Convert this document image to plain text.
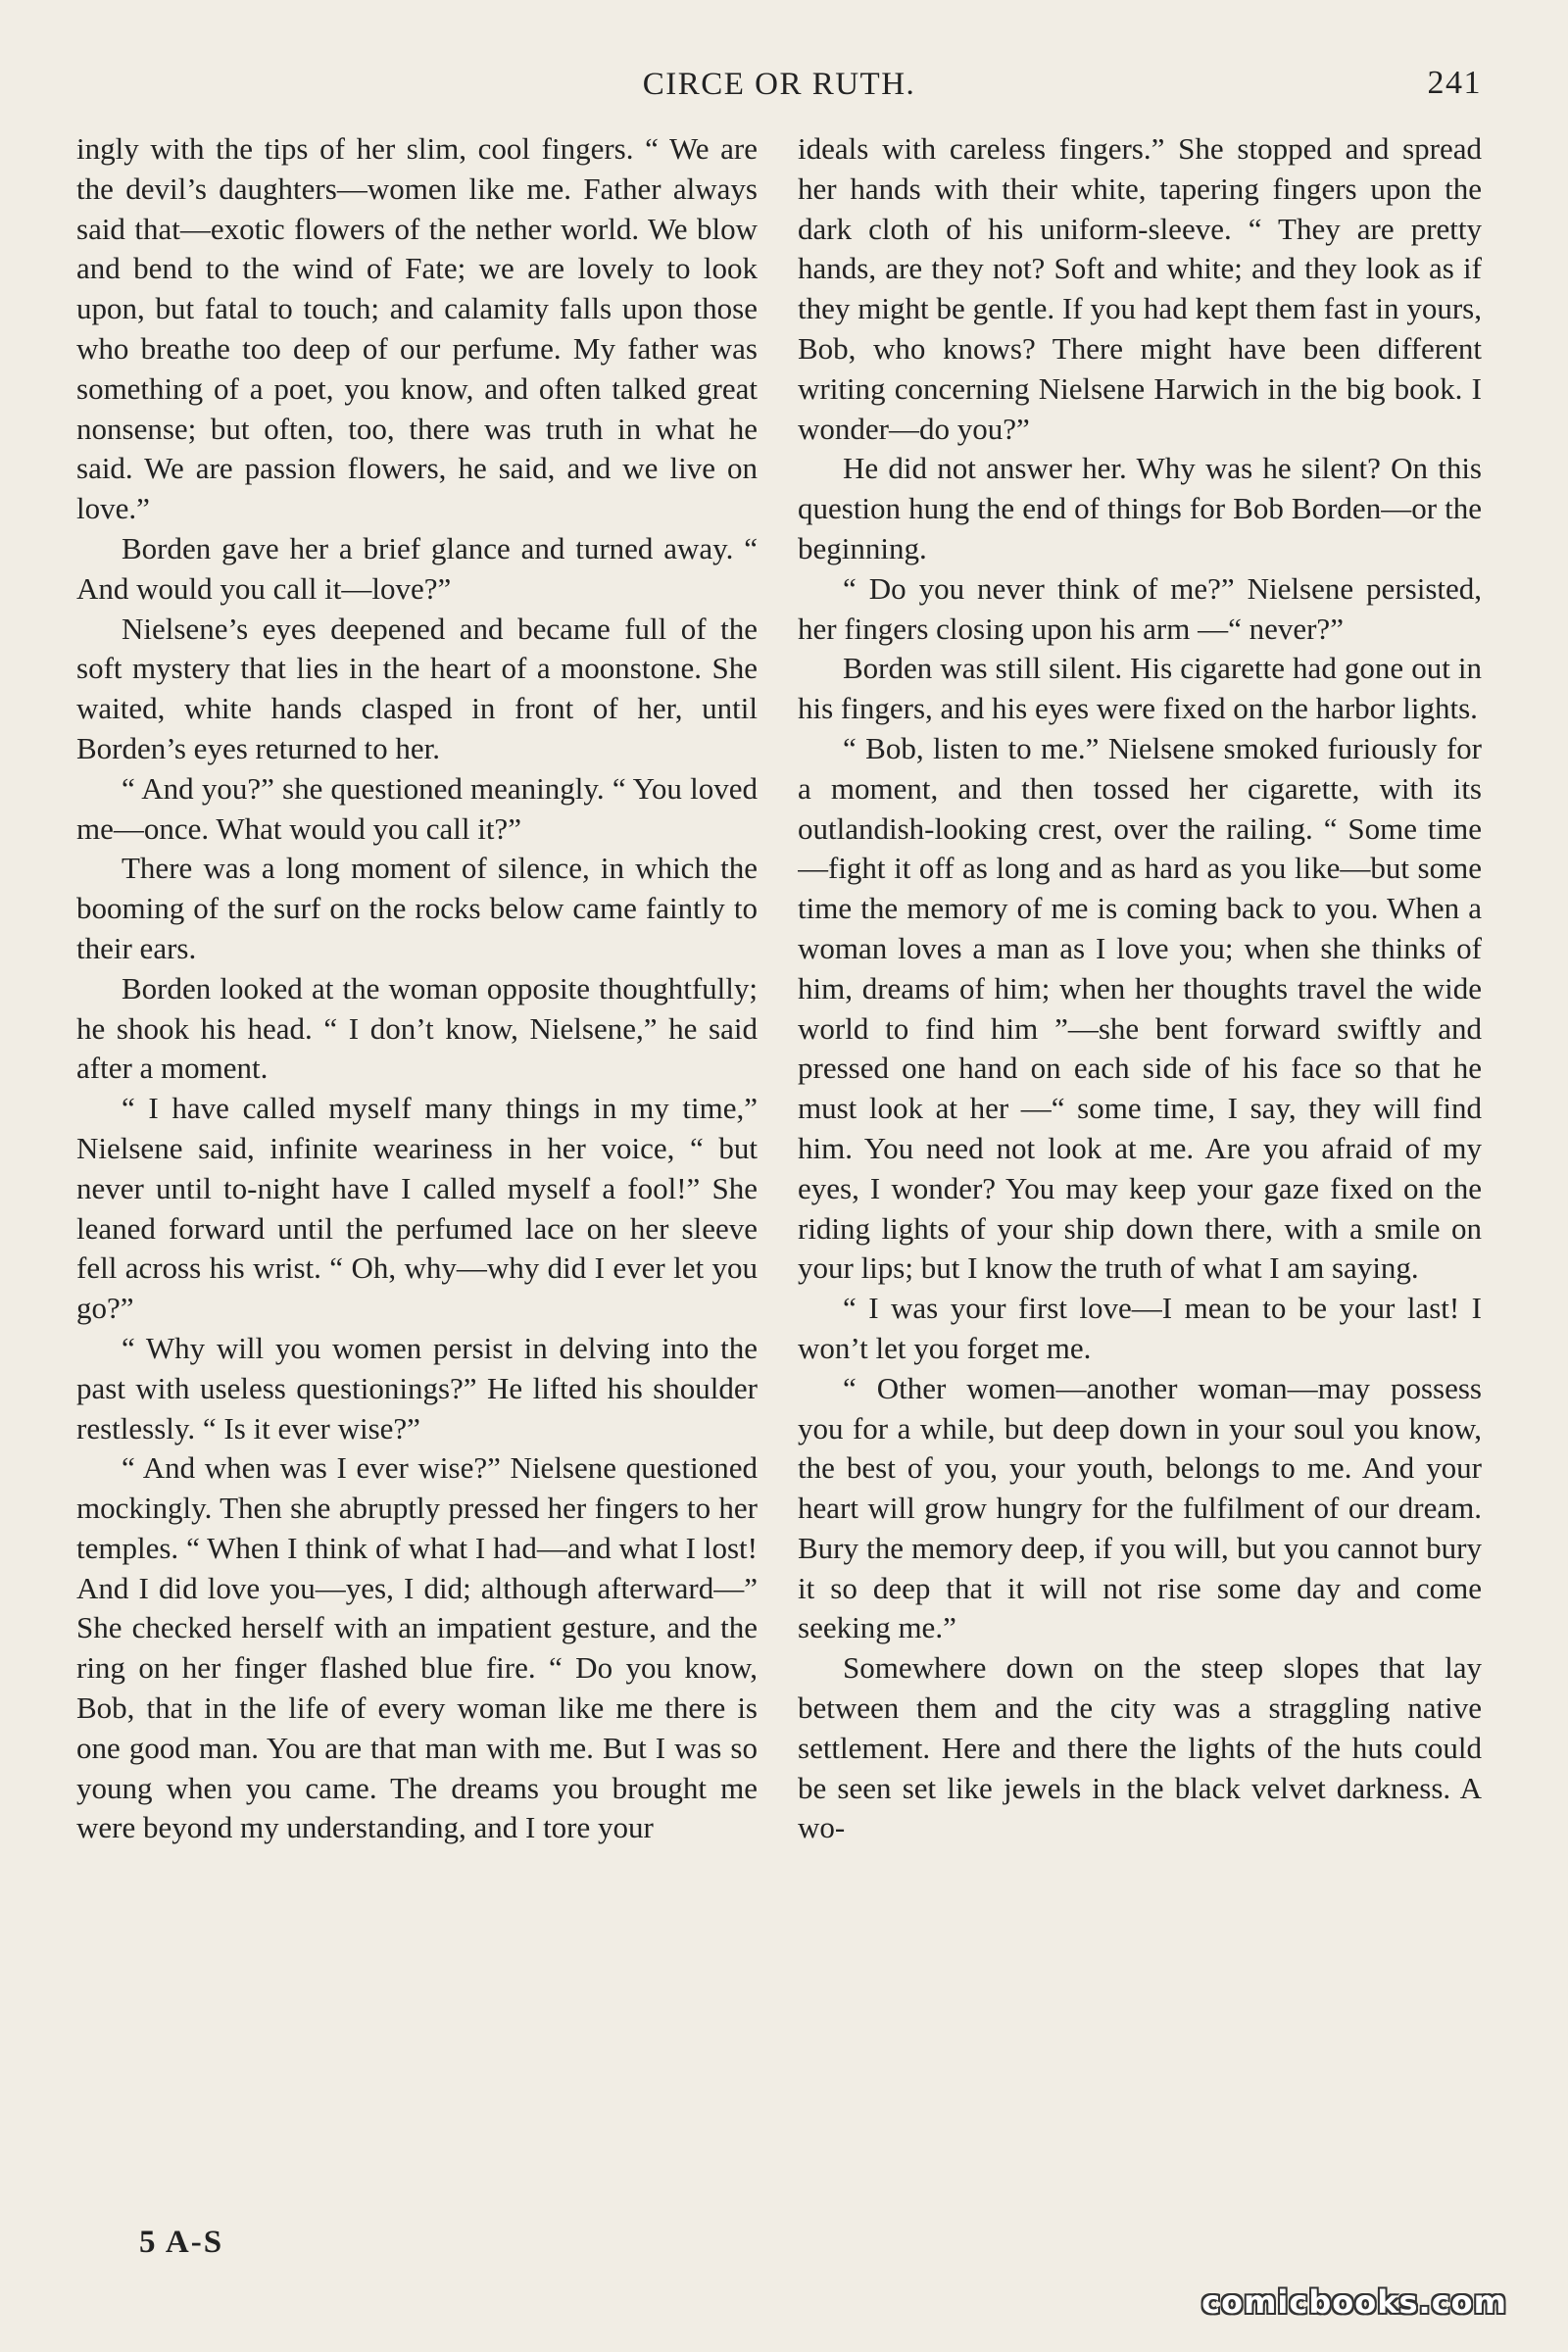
CIRCE OR RUTH.	241

ingly with the tips of her slim, cool fingers. “ We are the devil’s daughters—women like me. Father always said that—exotic flowers of the nether world. We blow and bend to the wind of Fate; we are lovely to look upon, but fatal to touch; and calamity falls upon those who breathe too deep of our perfume. My father was something of a poet, you know, and often talked great nonsense; but often, too, there was truth in what he said. We are passion flowers, he said, and we live on love.”

Borden gave her a brief glance and turned away. “ And would you call it—love?”

Nielsene’s eyes deepened and became full of the soft mystery that lies in the heart of a moonstone. She waited, white hands clasped in front of her, until Borden’s eyes returned to her.

“ And you?” she questioned meaningly. “ You loved me—once. What would you call it?”

There was a long moment of silence, in which the booming of the surf on the rocks below came faintly to their ears.

Borden looked at the woman opposite thoughtfully; he shook his head. “ I don’t know, Nielsene,” he said after a moment.

“ I have called myself many things in my time,” Nielsene said, infinite weariness in her voice, “ but never until to-night have I called myself a fool!” She leaned forward until the perfumed lace on her sleeve fell across his wrist. “ Oh, why—why did I ever let you go?”

“ Why will you women persist in delving into the past with useless questionings?” He lifted his shoulder restlessly. “ Is it ever wise?”

“ And when was I ever wise?” Nielsene questioned mockingly. Then she abruptly pressed her fingers to her temples. “ When I think of what I had—and what I lost! And I did love you—yes, I did; although afterward—” She checked herself with an impatient gesture, and the ring on her finger flashed blue fire. “ Do you know, Bob, that in the life of every woman like me there is one good man. You are that man with me. But I was so young when you came. The dreams you brought me were beyond my understanding, and I tore your

ideals with careless fingers.” She stopped and spread her hands with their white, tapering fingers upon the dark cloth of his uniform-sleeve. “ They are pretty hands, are they not? Soft and white; and they look as if they might be gentle. If you had kept them fast in yours, Bob, who knows? There might have been different writing concerning Nielsene Harwich in the big book. I wonder—do you?”

He did not answer her. Why was he silent? On this question hung the end of things for Bob Borden—or the beginning.

“ Do you never think of me?” Nielsene persisted, her fingers closing upon his arm —“ never?”

Borden was still silent. His cigarette had gone out in his fingers, and his eyes were fixed on the harbor lights.

“ Bob, listen to me.” Nielsene smoked furiously for a moment, and then tossed her cigarette, with its outlandish-looking crest, over the railing. “ Some time—fight it off as long and as hard as you like—but some time the memory of me is coming back to you. When a woman loves a man as I love you; when she thinks of him, dreams of him; when her thoughts travel the wide world to find him ”—she bent forward swiftly and pressed one hand on each side of his face so that he must look at her —“ some time, I say, they will find him. You need not look at me. Are you afraid of my eyes, I wonder? You may keep your gaze fixed on the riding lights of your ship down there, with a smile on your lips; but I know the truth of what I am saying.

“ I was your first love—I mean to be your last! I won’t let you forget me.

“ Other women—another woman—may possess you for a while, but deep down in your soul you know, the best of you, your youth, belongs to me. And your heart will grow hungry for the fulfilment of our dream. Bury the memory deep, if you will, but you cannot bury it so deep that it will not rise some day and come seeking me.”

Somewhere down on the steep slopes that lay between them and the city was a straggling native settlement. Here and there the lights of the huts could be seen set like jewels in the black velvet darkness. A wo-

5 A-S
comicbooks.com
